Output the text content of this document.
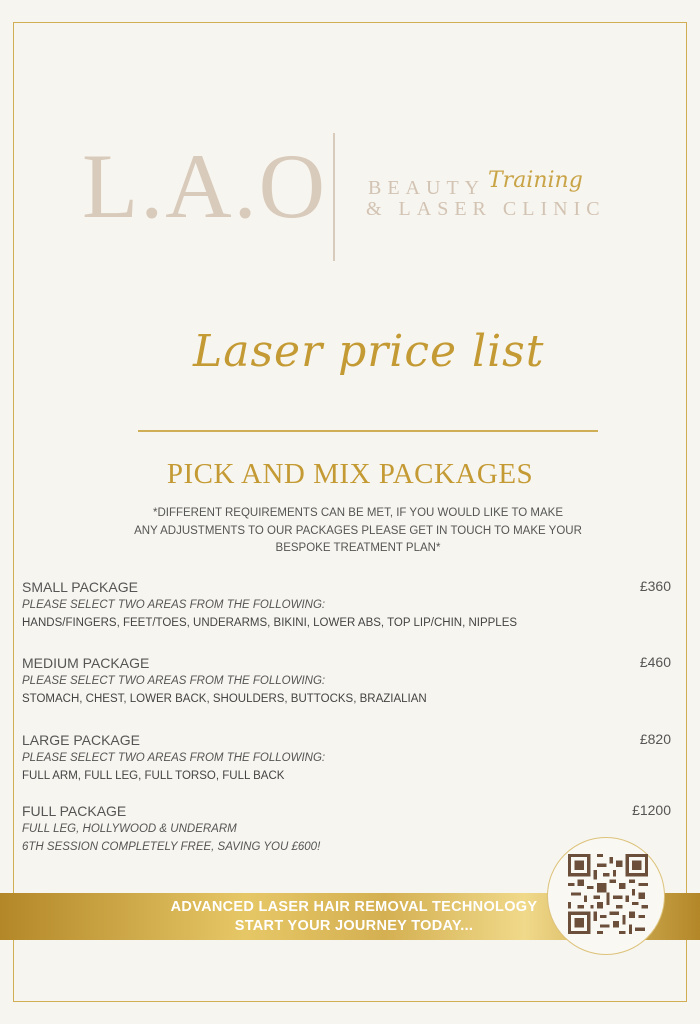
L.A.O BEAUTY Training
& LASER CLINIC
Laser price list
PICK AND MIX PACKAGES
*DIFFERENT REQUIREMENTS CAN BE MET, IF YOU WOULD LIKE TO MAKE
ANY ADJUSTMENTS TO OUR PACKAGES PLEASE GET IN TOUCH TO MAKE YOUR
BESPOKE TREATMENT PLAN*
SMALL PACKAGE	£360
PLEASE SELECT TWO AREAS FROM THE FOLLOWING:
HANDS/FINGERS, FEET/TOES, UNDERARMS, BIKINI, LOWER ABS, TOP LIP/CHIN, NIPPLES
MEDIUM PACKAGE	£460
PLEASE SELECT TWO AREAS FROM THE FOLLOWING:
STOMACH, CHEST, LOWER BACK, SHOULDERS, BUTTOCKS, BRAZIALIAN
LARGE PACKAGE	£820
PLEASE SELECT TWO AREAS FROM THE FOLLOWING:
FULL ARM, FULL LEG, FULL TORSO, FULL BACK
FULL PACKAGE	£1200
FULL LEG, HOLLYWOOD & UNDERARM
6TH SESSION COMPLETELY FREE, SAVING YOU £600!
ADVANCED LASER HAIR REMOVAL TECHNOLOGY
START YOUR JOURNEY TODAY...
